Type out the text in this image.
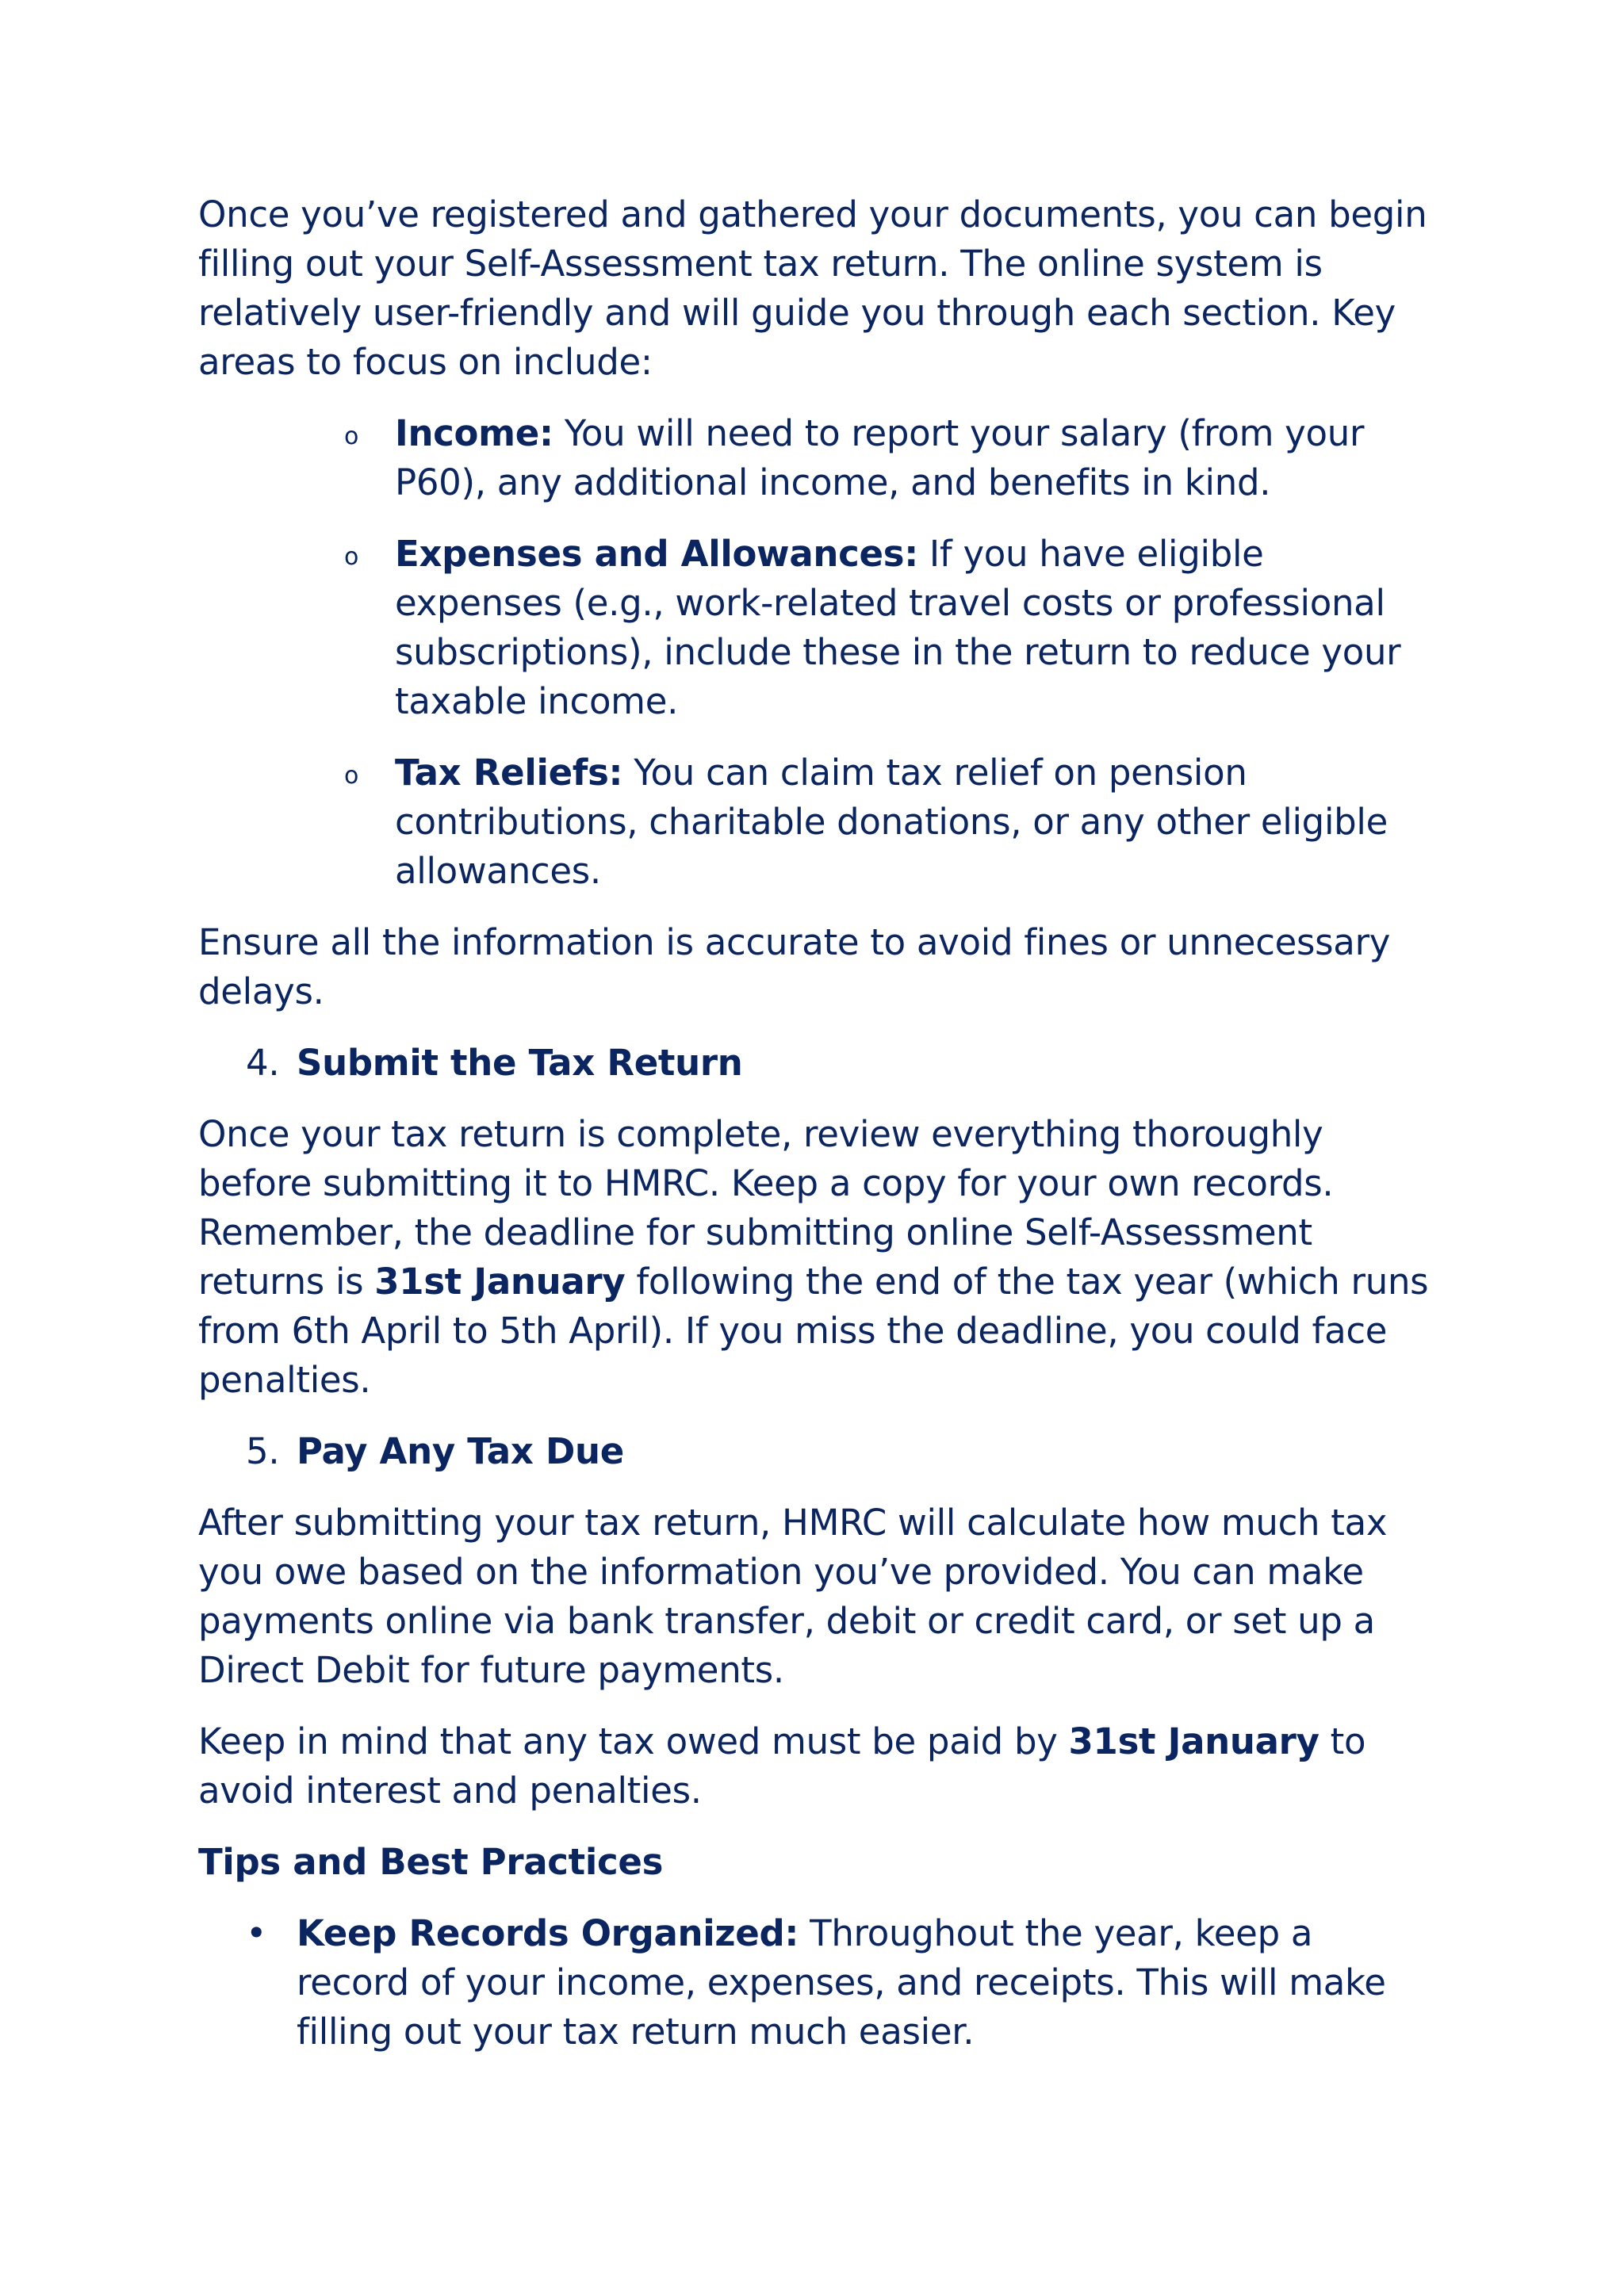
Once you’ve registered and gathered your documents, you can begin filling out your Self-Assessment tax return. The online system is relatively user-friendly and will guide you through each section. Key areas to focus on include:

o Income: You will need to report your salary (from your P60), any additional income, and benefits in kind.
o Expenses and Allowances: If you have eligible expenses (e.g., work-related travel costs or professional subscriptions), include these in the return to reduce your taxable income.
o Tax Reliefs: You can claim tax relief on pension contributions, charitable donations, or any other eligible allowances.

Ensure all the information is accurate to avoid fines or unnecessary delays.

4. Submit the Tax Return

Once your tax return is complete, review everything thoroughly before submitting it to HMRC. Keep a copy for your own records. Remember, the deadline for submitting online Self-Assessment returns is 31st January following the end of the tax year (which runs from 6th April to 5th April). If you miss the deadline, you could face penalties.

5. Pay Any Tax Due

After submitting your tax return, HMRC will calculate how much tax you owe based on the information you’ve provided. You can make payments online via bank transfer, debit or credit card, or set up a Direct Debit for future payments.

Keep in mind that any tax owed must be paid by 31st January to avoid interest and penalties.

Tips and Best Practices
• Keep Records Organized: Throughout the year, keep a record of your income, expenses, and receipts. This will make filling out your tax return much easier.
